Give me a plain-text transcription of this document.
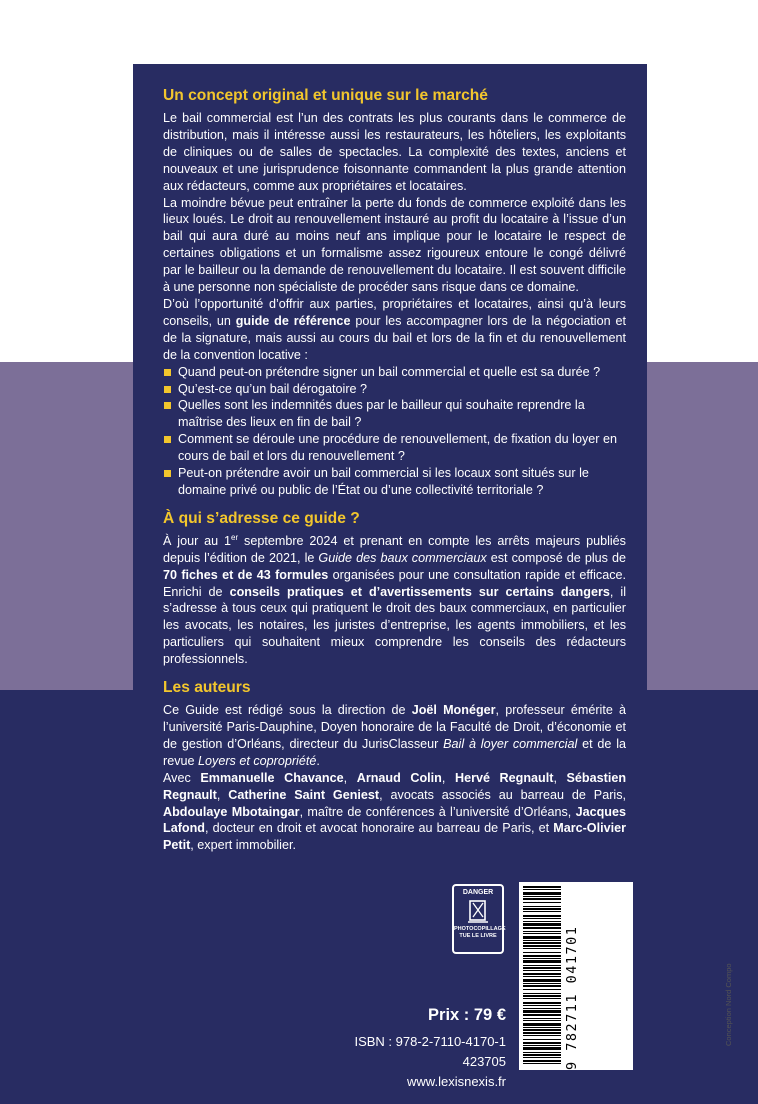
Un concept original et unique sur le marché

Le bail commercial est l’un des contrats les plus courants dans le commerce de distribution, mais il intéresse aussi les restaurateurs, les hôteliers, les exploitants de cliniques ou de salles de spectacles. La complexité des textes, anciens et nouveaux et une jurisprudence foisonnante commandent la plus grande attention aux rédacteurs, comme aux propriétaires et locataires.

La moindre bévue peut entraîner la perte du fonds de commerce exploité dans les lieux loués. Le droit au renouvellement instauré au profit du locataire à l’issue d’un bail qui aura duré au moins neuf ans implique pour le locataire le respect de certaines obligations et un formalisme assez rigoureux entoure le congé délivré par le bailleur ou la demande de renouvellement du locataire. Il est souvent difficile à une personne non spécialiste de procéder sans risque dans ce domaine.

D’où l’opportunité d’offrir aux parties, propriétaires et locataires, ainsi qu’à leurs conseils, un guide de référence pour les accompagner lors de la négociation et de la signature, mais aussi au cours du bail et lors de la fin et du renouvellement de la convention locative :

Quand peut-on prétendre signer un bail commercial et quelle est sa durée ?
Qu’est-ce qu’un bail dérogatoire ?
Quelles sont les indemnités dues par le bailleur qui souhaite reprendre la maîtrise des lieux en fin de bail ?
Comment se déroule une procédure de renouvellement, de fixation du loyer en cours de bail et lors du renouvellement ?
Peut-on prétendre avoir un bail commercial si les locaux sont situés sur le domaine privé ou public de l’État ou d’une collectivité territoriale ?
À qui s’adresse ce guide ?

À jour au 1er septembre 2024 et prenant en compte les arrêts majeurs publiés depuis l’édition de 2021, le Guide des baux commerciaux est composé de plus de 70 fiches et de 43 formules organisées pour une consultation rapide et efficace. Enrichi de conseils pratiques et d’avertissements sur certains dangers, il s’adresse à tous ceux qui pratiquent le droit des baux commerciaux, en particulier les avocats, les notaires, les juristes d’entreprise, les agents immobiliers, et les particuliers qui souhaitent mieux comprendre les conseils des rédacteurs professionnels.

Les auteurs

Ce Guide est rédigé sous la direction de Joël Monéger, professeur émérite à l’université Paris-Dauphine, Doyen honoraire de la Faculté de Droit, d’économie et de gestion d’Orléans, directeur du JurisClasseur Bail à loyer commercial et de la revue Loyers et copropriété.

Avec Emmanuelle Chavance, Arnaud Colin, Hervé Regnault, Sébastien Regnault, Catherine Saint Geniest, avocats associés au barreau de Paris, Abdoulaye Mbotaingar, maître de conférences à l’université d’Orléans, Jacques Lafond, docteur en droit et avocat honoraire au barreau de Paris, et Marc-Olivier Petit, expert immobilier.

DANGER
PHOTOCOPILLAGE
TUE LE LIVRE
Prix : 79 €
ISBN : 978-2-7110-4170-1
423705
www.lexisnexis.fr
9 782711 041701	Conception Nord Compo
